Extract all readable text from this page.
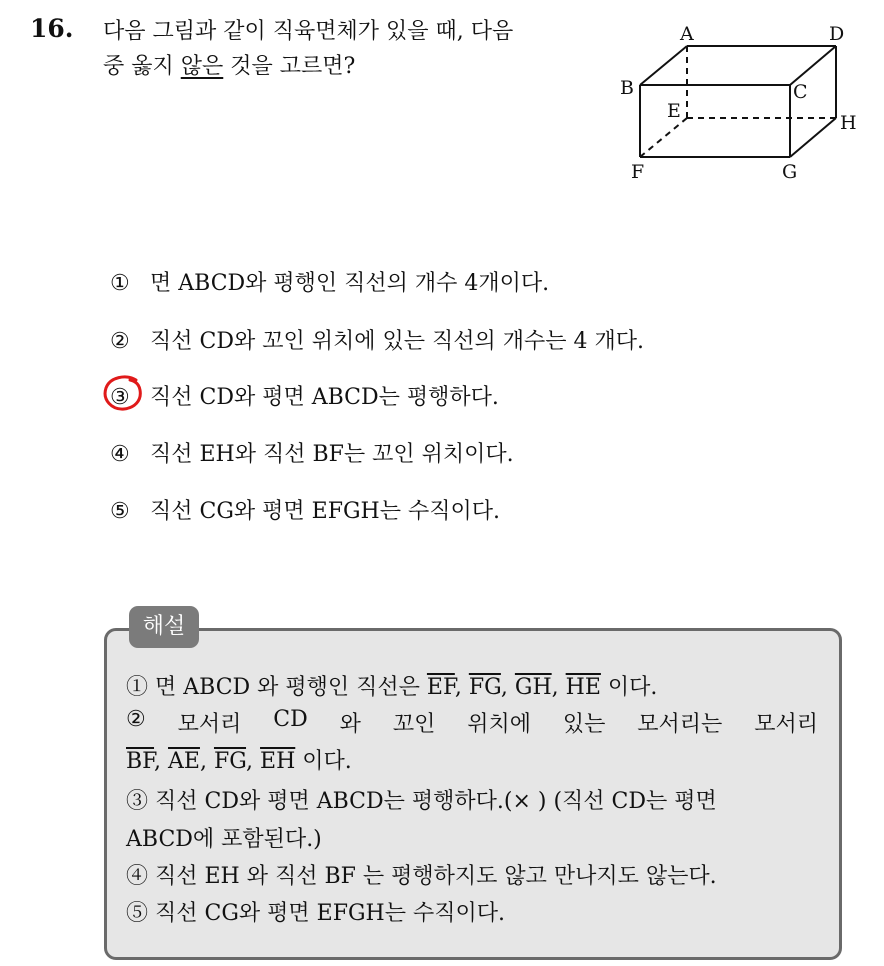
16. 다음 그림과 같이 직육면체가 있을 때, 다음
중 옳지 않은 것을 고르면?
A	D
B	C
E
H
F	G
① 면 ABCD와 평행인 직선의 개수 4개이다.
② 직선 CD와 꼬인 위치에 있는 직선의 개수는 4 개다.
③ 직선 CD와 평면 ABCD는 평행하다.
④ 직선 EH와 직선 BF는 꼬인 위치이다.
⑤ 직선 CG와 평면 EFGH는 수직이다.
해설
① 면 ABCD 와 평행인 직선은 $\overline{EF}$, $\overline{FG}$, $\overline{GH}$, $\overline{HE}$ 이다.
② 모서리 CD 와 꼬인 위치에 있는 모서리는 모서리
$\overline{BF}$, $\overline{AE}$, $\overline{FG}$, $\overline{EH}$ 이다.
③ 직선 CD와 평면 ABCD는 평행하다.(× ) (직선 CD는 평면
ABCD에 포함된다.)
④ 직선 EH 와 직선 BF 는 평행하지도 않고 만나지도 않는다.
⑤ 직선 CG와 평면 EFGH는 수직이다.
